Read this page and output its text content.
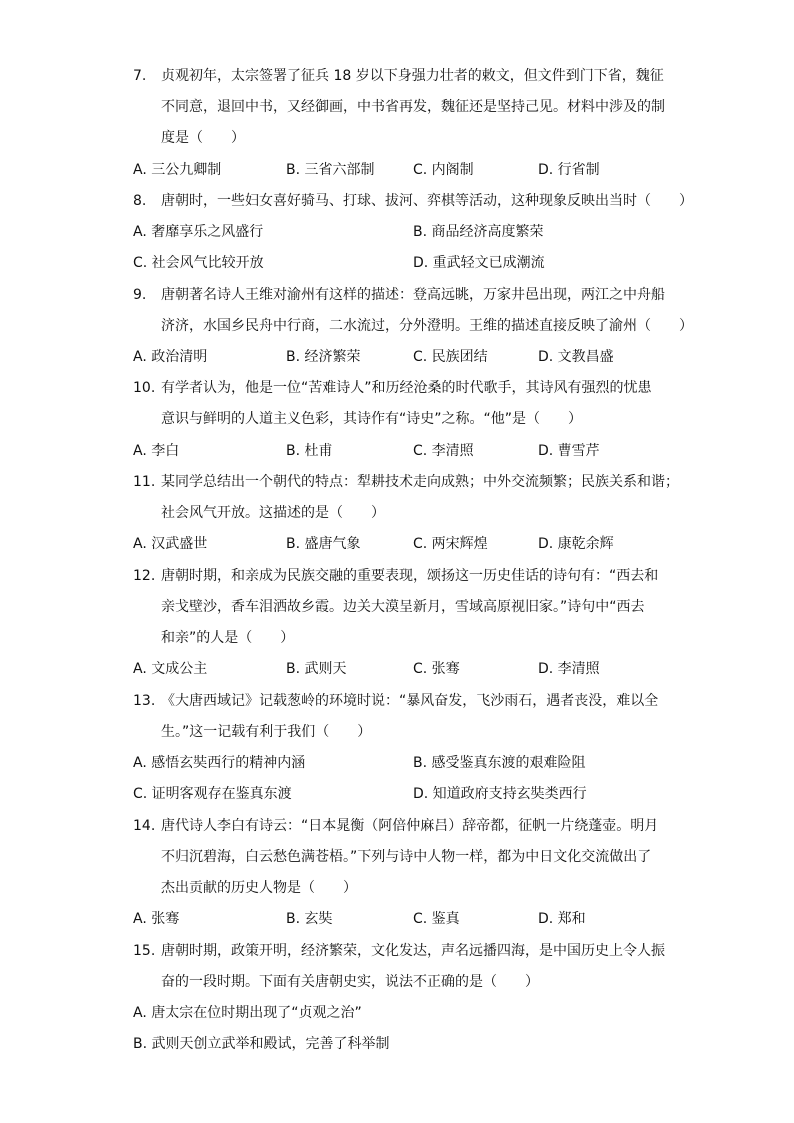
7. 贞观初年，太宗签署了征兵 18 岁以下身强力壮者的敕文，但文件到门下省，魏征
不同意，退回中书，又经御画，中书省再发，魏征还是坚持己见。材料中涉及的制
度是（　　）
A. 三公九卿制	B. 三省六部制	C. 内阁制	D. 行省制
8. 唐朝时，一些妇女喜好骑马、打球、拔河、弈棋等活动，这种现象反映出当时（　　）
A. 奢靡享乐之风盛行	B. 商品经济高度繁荣
C. 社会风气比较开放	D. 重武轻文已成潮流
9. 唐朝著名诗人王维对渝州有这样的描述：登高远眺，万家井邑出现，两江之中舟船
济济，水国乡民舟中行商，二水流过，分外澄明。王维的描述直接反映了渝州（　　）
A. 政治清明	B. 经济繁荣	C. 民族团结	D. 文教昌盛
10. 有学者认为，他是一位“苦难诗人”和历经沧桑的时代歌手，其诗风有强烈的忧患
意识与鲜明的人道主义色彩，其诗作有“诗史”之称。“他”是（　　）
A. 李白	B. 杜甫	C. 李清照	D. 曹雪芹
11. 某同学总结出一个朝代的特点：犁耕技术走向成熟；中外交流频繁；民族关系和谐；
社会风气开放。这描述的是（　　）
A. 汉武盛世	B. 盛唐气象	C. 两宋辉煌	D. 康乾余辉
12. 唐朝时期，和亲成为民族交融的重要表现，颂扬这一历史佳话的诗句有：“西去和
亲戈壁沙，香车泪洒故乡霞。边关大漠呈新月，雪域高原视旧家。”诗句中“西去
和亲”的人是（　　）
A. 文成公主	B. 武则天	C. 张骞	D. 李清照
13. 《大唐西域记》记载葱岭的环境时说：“暴风奋发，飞沙雨石，遇者丧没，难以全
生。”这一记载有利于我们（　　）
A. 感悟玄奘西行的精神内涵	B. 感受鉴真东渡的艰难险阻
C. 证明客观存在鉴真东渡	D. 知道政府支持玄奘类西行
14. 唐代诗人李白有诗云：“日本晁衡（阿倍仲麻吕）辞帝都，征帆一片绕蓬壶。明月
不归沉碧海，白云愁色满苍梧。”下列与诗中人物一样，都为中日文化交流做出了
杰出贡献的历史人物是（　　）
A. 张骞	B. 玄奘	C. 鉴真	D. 郑和
15. 唐朝时期，政策开明，经济繁荣，文化发达，声名远播四海，是中国历史上令人振
奋的一段时期。下面有关唐朝史实，说法不正确的是（　　）
A. 唐太宗在位时期出现了“贞观之治”
B. 武则天创立武举和殿试，完善了科举制
